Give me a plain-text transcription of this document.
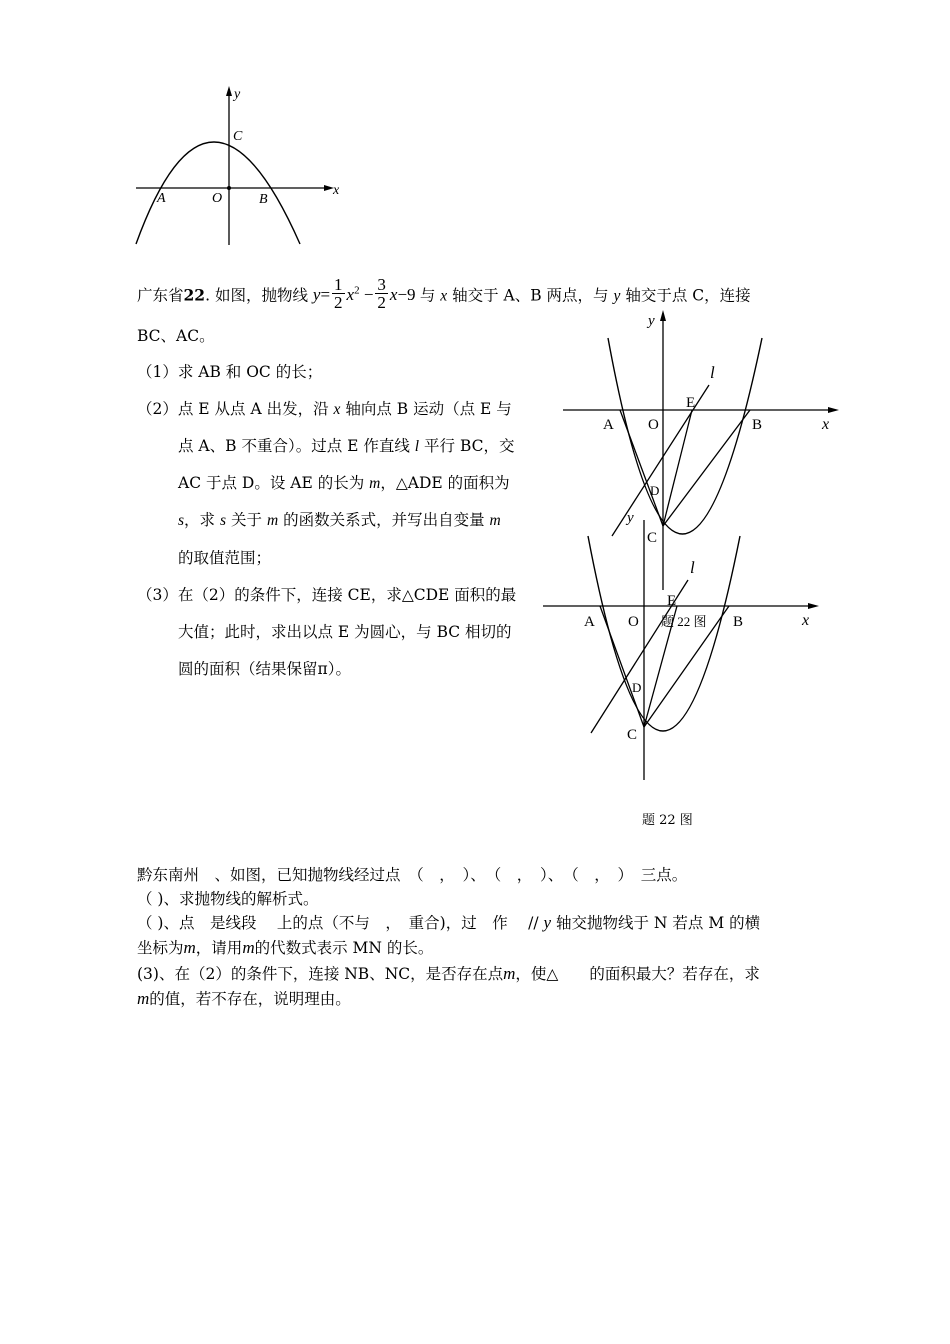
y
x
C
O
A	B
广东省22. 如图，抛物线 $y= \frac{1}{2} x^2 - \frac{3}{2} x-9$ 与 x 轴交于 A、B 两点，与 y 轴交于点 C，连接
BC、AC。
（1）求 AB 和 OC 的长；
（2）点 E 从点 A 出发，沿 x 轴向点 B 运动（点 E 与
点 A、B 不重合）。过点 E 作直线 l 平行 BC，交
AC 于点 D。设 AE 的长为 m，△ADE 的面积为
s，求 s 关于 m 的函数关系式，并写出自变量 m
的取值范围；
（3）在（2）的条件下，连接 CE，求△CDE 面积的最
大值；此时，求出以点 E 为圆心，与 BC 相切的
圆的面积（结果保留π）。
y
l
E
A O	B	x
D
C
y
l
E
A O 题 22 图 B	x
D
C
题 22 图
黔东南州　、如图，已知抛物线经过点　（　，　）、　（　，　）、　（　，　）　三点。
（ )、求抛物线的解析式。
（ )、点　是线段　 上的点（不与　，　重合)，过　作　 // y 轴交抛物线于 N 若点 M 的横
坐标为m，请用m的代数式表示 MN 的长。
(3)、在（2）的条件下，连接 NB、NC，是否存在点m，使△　　的面积最大？若存在，求
m的值，若不存在，说明理由。
